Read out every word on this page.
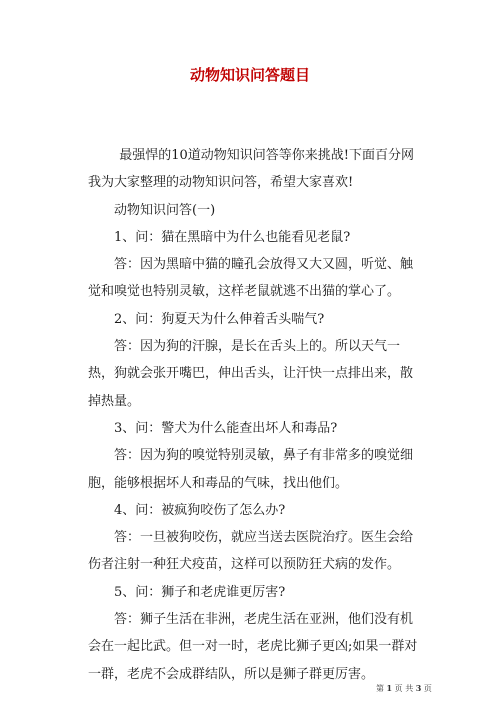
动物知识问答题目

最强悍的10道动物知识问答等你来挑战!下面百分网我为大家整理的动物知识问答，希望大家喜欢!

动物知识问答(一)

1、问：猫在黑暗中为什么也能看见老鼠?

答：因为黑暗中猫的瞳孔会放得又大又圆，听觉、触觉和嗅觉也特别灵敏，这样老鼠就逃不出猫的掌心了。

2、问：狗夏天为什么伸着舌头喘气?

答：因为狗的汗腺，是长在舌头上的。所以天气一热，狗就会张开嘴巴，伸出舌头，让汗快一点排出来，散掉热量。

3、问：警犬为什么能查出坏人和毒品?

答：因为狗的嗅觉特别灵敏，鼻子有非常多的嗅觉细胞，能够根据坏人和毒品的气味，找出他们。

4、问：被疯狗咬伤了怎么办?

答：一旦被狗咬伤，就应当送去医院治疗。医生会给伤者注射一种狂犬疫苗，这样可以预防狂犬病的发作。

5、问：狮子和老虎谁更厉害?

答：狮子生活在非洲，老虎生活在亚洲，他们没有机会在一起比武。但一对一时，老虎比狮子更凶;如果一群对一群，老虎不会成群结队，所以是狮子群更厉害。

第 1 页 共 3 页
